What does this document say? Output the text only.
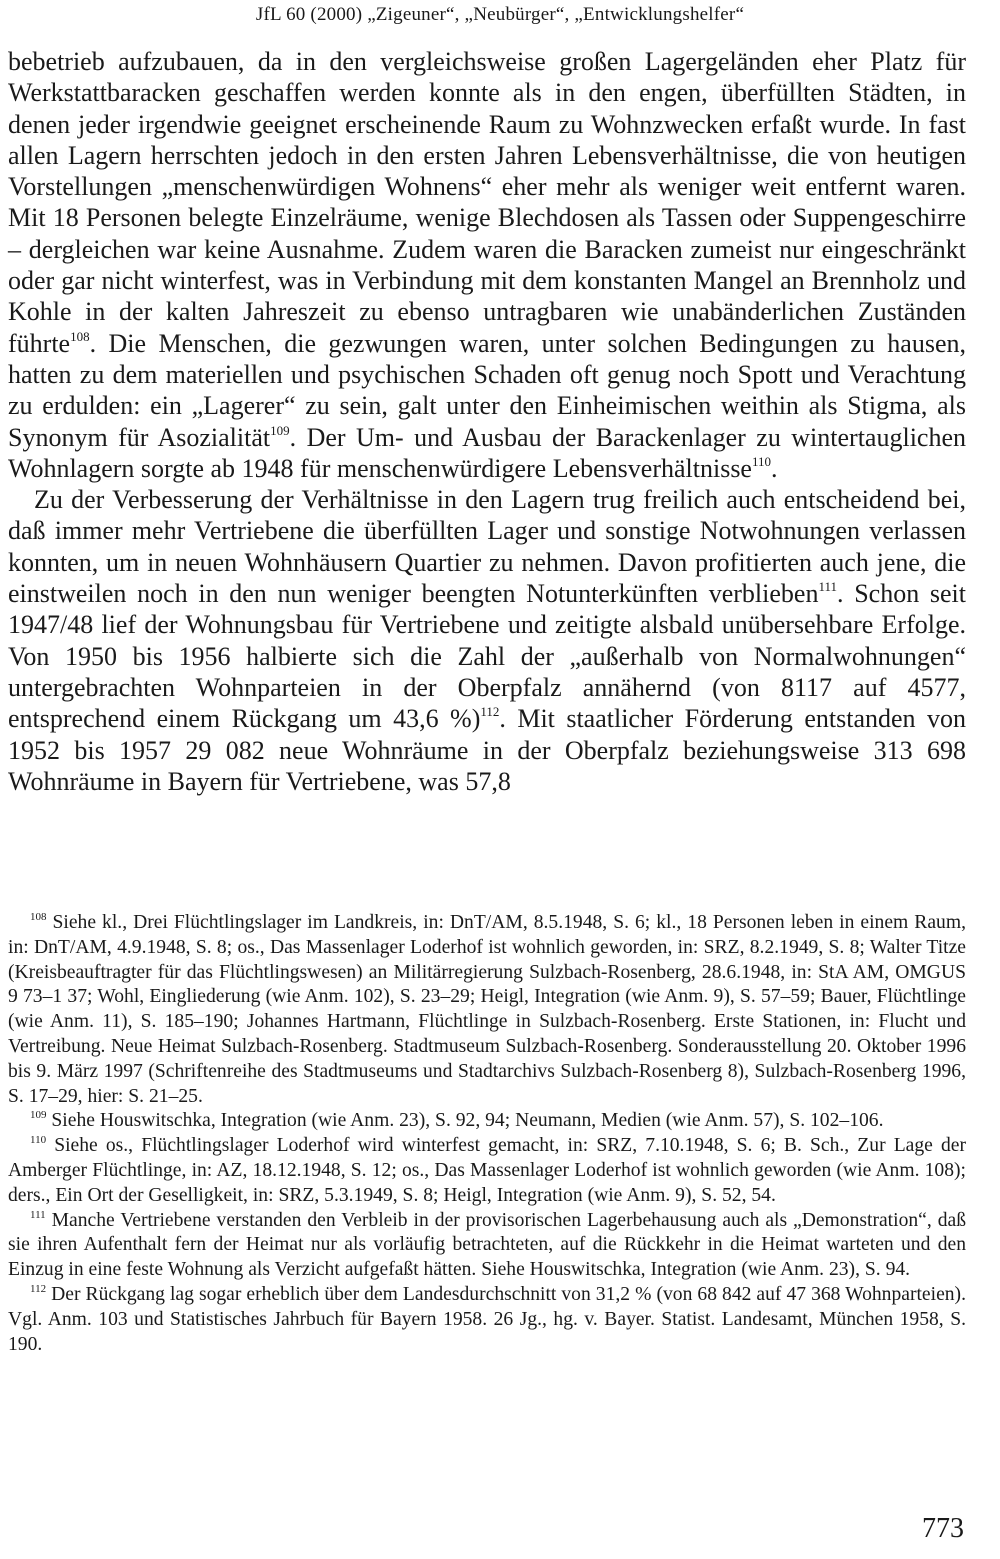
JfL 60 (2000) „Zigeuner“, „Neubürger“, „Entwicklungshelfer“

bebetrieb aufzubauen, da in den vergleichsweise großen Lagergeländen eher Platz für Werkstattbaracken geschaffen werden konnte als in den engen, überfüllten Städten, in denen jeder irgendwie geeignet erscheinende Raum zu Wohnzwecken erfaßt wurde. In fast allen Lagern herrschten jedoch in den ersten Jahren Lebensverhältnisse, die von heutigen Vorstellungen „menschenwürdigen Wohnens“ eher mehr als weniger weit entfernt waren. Mit 18 Personen belegte Einzelräume, wenige Blechdosen als Tassen oder Suppengeschirre – dergleichen war keine Ausnahme. Zudem waren die Baracken zumeist nur eingeschränkt oder gar nicht winterfest, was in Verbindung mit dem konstanten Mangel an Brennholz und Kohle in der kalten Jahreszeit zu ebenso untragbaren wie unabänderlichen Zuständen führte$^{108}$. Die Menschen, die gezwungen waren, unter solchen Bedingungen zu hausen, hatten zu dem materiellen und psychischen Schaden oft genug noch Spott und Verachtung zu erdulden: ein „Lagerer“ zu sein, galt unter den Einheimischen weithin als Stigma, als Synonym für Asozialität$^{109}$. Der Um- und Ausbau der Barackenlager zu wintertauglichen Wohnlagern sorgte ab 1948 für menschenwürdigere Lebensverhältnisse$^{110}$.

Zu der Verbesserung der Verhältnisse in den Lagern trug freilich auch entscheidend bei, daß immer mehr Vertriebene die überfüllten Lager und sonstige Notwohnungen verlassen konnten, um in neuen Wohnhäusern Quartier zu nehmen. Davon profitierten auch jene, die einstweilen noch in den nun weniger beengten Notunterkünften verblieben$^{111}$. Schon seit 1947/48 lief der Wohnungsbau für Vertriebene und zeitigte alsbald unübersehbare Erfolge. Von 1950 bis 1956 halbierte sich die Zahl der „außerhalb von Normalwohnungen“ untergebrachten Wohnparteien in der Oberpfalz annähernd (von 8117 auf 4577, entsprechend einem Rückgang um 43,6 %)$^{112}$. Mit staatlicher Förderung entstanden von 1952 bis 1957 29 082 neue Wohnräume in der Oberpfalz beziehungsweise 313 698 Wohnräume in Bayern für Vertriebene, was 57,8

$^{108}$ Siehe kl., Drei Flüchtlingslager im Landkreis, in: DnT/AM, 8.5.1948, S. 6; kl., 18 Personen leben in einem Raum, in: DnT/AM, 4.9.1948, S. 8; os., Das Massenlager Loderhof ist wohnlich geworden, in: SRZ, 8.2.1949, S. 8; Walter Titze (Kreisbeauftragter für das Flüchtlingswesen) an Militärregierung Sulzbach-Rosenberg, 28.6.1948, in: StA AM, OMGUS 9 73–1 37; Wohl, Eingliederung (wie Anm. 102), S. 23–29; Heigl, Integration (wie Anm. 9), S. 57–59; Bauer, Flüchtlinge (wie Anm. 11), S. 185–190; Johannes Hartmann, Flüchtlinge in Sulzbach-Rosenberg. Erste Stationen, in: Flucht und Vertreibung. Neue Heimat Sulzbach-Rosenberg. Stadtmuseum Sulzbach-Rosenberg. Sonderausstellung 20. Oktober 1996 bis 9. März 1997 (Schriftenreihe des Stadtmuseums und Stadtarchivs Sulzbach-Rosenberg 8), Sulzbach-Rosenberg 1996, S. 17–29, hier: S. 21–25.

$^{109}$ Siehe Houswitschka, Integration (wie Anm. 23), S. 92, 94; Neumann, Medien (wie Anm. 57), S. 102–106.

$^{110}$ Siehe os., Flüchtlingslager Loderhof wird winterfest gemacht, in: SRZ, 7.10.1948, S. 6; B. Sch., Zur Lage der Amberger Flüchtlinge, in: AZ, 18.12.1948, S. 12; os., Das Massenlager Loderhof ist wohnlich geworden (wie Anm. 108); ders., Ein Ort der Geselligkeit, in: SRZ, 5.3.1949, S. 8; Heigl, Integration (wie Anm. 9), S. 52, 54.

$^{111}$ Manche Vertriebene verstanden den Verbleib in der provisorischen Lagerbehausung auch als „Demonstration“, daß sie ihren Aufenthalt fern der Heimat nur als vorläufig betrachteten, auf die Rückkehr in die Heimat warteten und den Einzug in eine feste Wohnung als Verzicht aufgefaßt hätten. Siehe Houswitschka, Integration (wie Anm. 23), S. 94.

$^{112}$ Der Rückgang lag sogar erheblich über dem Landesdurchschnitt von 31,2 % (von 68 842 auf 47 368 Wohnparteien). Vgl. Anm. 103 und Statistisches Jahrbuch für Bayern 1958. 26 Jg., hg. v. Bayer. Statist. Landesamt, München 1958, S. 190.

773
